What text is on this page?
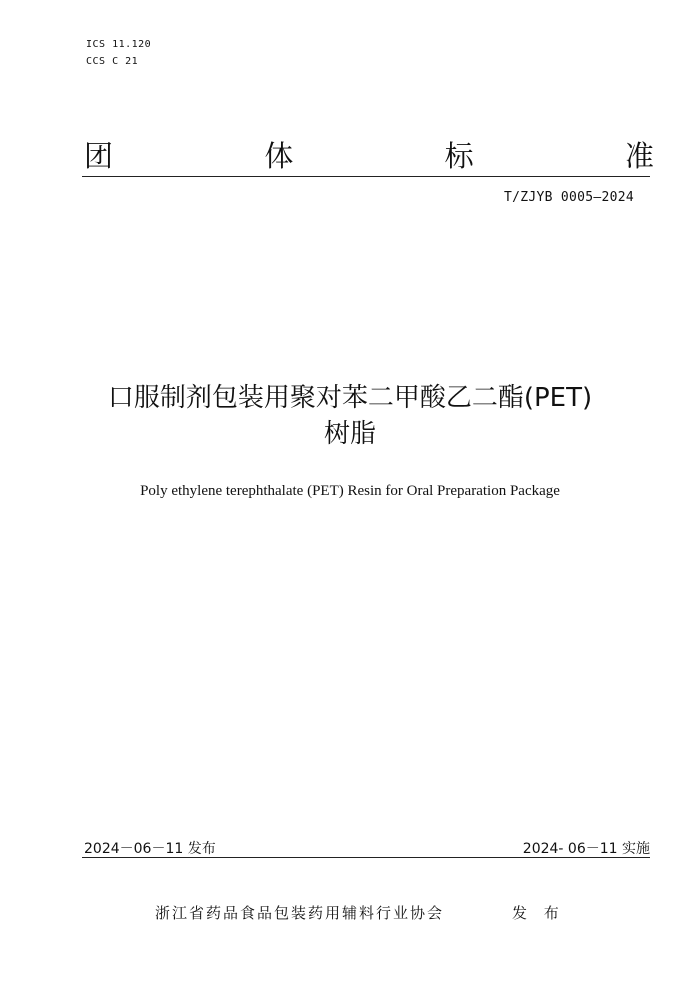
ICS 11.120
CCS C 21
团	体	标	准
T/ZJYB 0005—2024
口服制剂包装用聚对苯二甲酸乙二酯(PET)
树脂
Poly ethylene terephthalate (PET) Resin for Oral Preparation Package
2024－06－11 发布	2024- 06－11 实施
浙江省药品食品包装药用辅料行业协会	发 布
